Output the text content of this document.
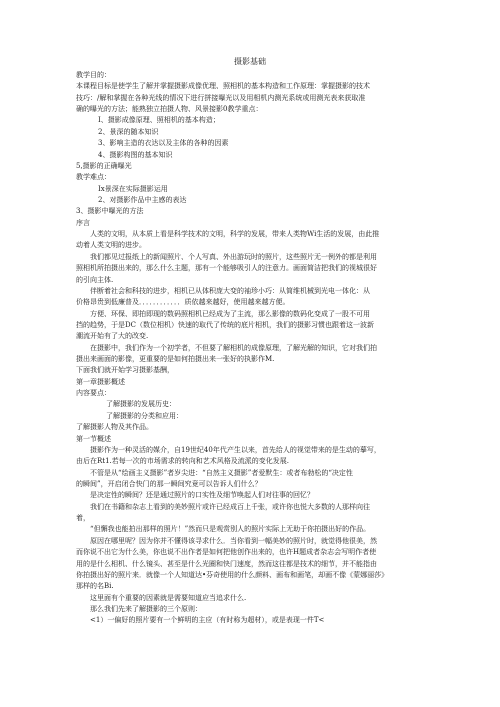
摄影基础
教学目的：
本课程目标是使学生了解并掌握摄影成像优理、照相机的基本构造和工作原理：掌握摄影的技术
技巧：/解和掌握在各种光线的情况下进行拼接曝光以及用相机内测光系统或用测光表来获取准
确的曝光的方法；能熟独立拍摄人物、风景接影0教学重点：
I、摄影成像原理、照相机的基本构造；
2、景深的随本知识
3、影响主造的衣达以及主体的各种的因素
4、摄影构图的基本知识
5,摄影的正确曝光
教学难点：
Ix景深在实际摄影运用
2、对摄影作品中主感的表达
3、摄影中曝光的方法
序言
人类的文明，从本质上看是科学技术的文明，科学的发展，带来人类物Wi生活的发展，由此推
动着人类文明的进步。
我们都见过报纸上的新闻照片、个人写真、外出游玩时的照片，这些照片无一例外的都是利用
照相机所拍摄出来的，那么什么主题，那有一个能够吸引人的注意力。画面简洁把我们的视城很好
的引向主体.
伴断着社会和科技的进步，相机已从体积庞大变的袖珍小巧：从简维机械到光电一体化：从
价格昂贵到低廉普及．．．．．．．．．．．．质依越来越好，使用越来越方便。
方便、环保、即拍即现的数码照相机已经成为了主流，那么影像的数码化变成了一股不可用
挡的趋势，于是DC（数位相机）快速的取代了传统的底片相机，我们的摄影习惯也跟着这一波新
潮流开始有了大的改变.
在摄影中，我们作为一个初学者，不但要了解相机的成像原理，了解光解的知识，它对我们拍
摄出来画面的影像，更重要的是如何拍摄出来一张好的执影作M.
下面我们就开始学习摄影基酬，
第一章摄影概述
内容要点：
了解摄影的发展历史：
了解摄影的分类和应用：
了解摄影人物及其作品。
第一节概述
摄影作为一种灵活的媒介，自19世纪40年代产生以来，首先给人的视觉带来的是生动的摹写，
由后在Rt1.若每一次的市场需求的转向和艺术风格及流派的变化发展.
不管是从“绘画主义摄影”者岁尖进：“自然主义摄影”者爱默生：或者布勃松的“决定性
的瞬间”，开启闭合快门的那一瞬间究竟可以告诉人们什么？
是决定性的瞬间？还是通过照片的口实性及细节唤起人们对往事的回忆？
我们在书籍和杂志上看到的美妙照片或许已经成百上千张，或许你也悦大多数的人那样向往
着，
“但懈我也能拍出那样的照片！”然而只是观赏别人的照片实际上无助于你拍摄出好的作品。
原因在哪里呢？因为你并不懂得该寻求什么．当你看到一幅美妙的照片时，就觉得他很美，然
而你说不出它为什么美，你也说不出作者是如何把他创作出来的，也许H题成者杂志会写明作者使
用的是什么相机、什么镜头、甚至是什么光圈和快门速度，然而这往都是技术的细节，并不能指由
你拍摄出好的照片来．就像一个人知道达•芬奇使用的什么颜料、画布和画笔，却画不像《蒙娜丽莎》
那样的名Bi.
这里面有个重要的因素就是需要知道应当追求什么.
那么我们先来了解摄影的三个原则：
<1）一偏好的照片要有一个鲜明的主应（有时称为超材），或是表现一件T<
